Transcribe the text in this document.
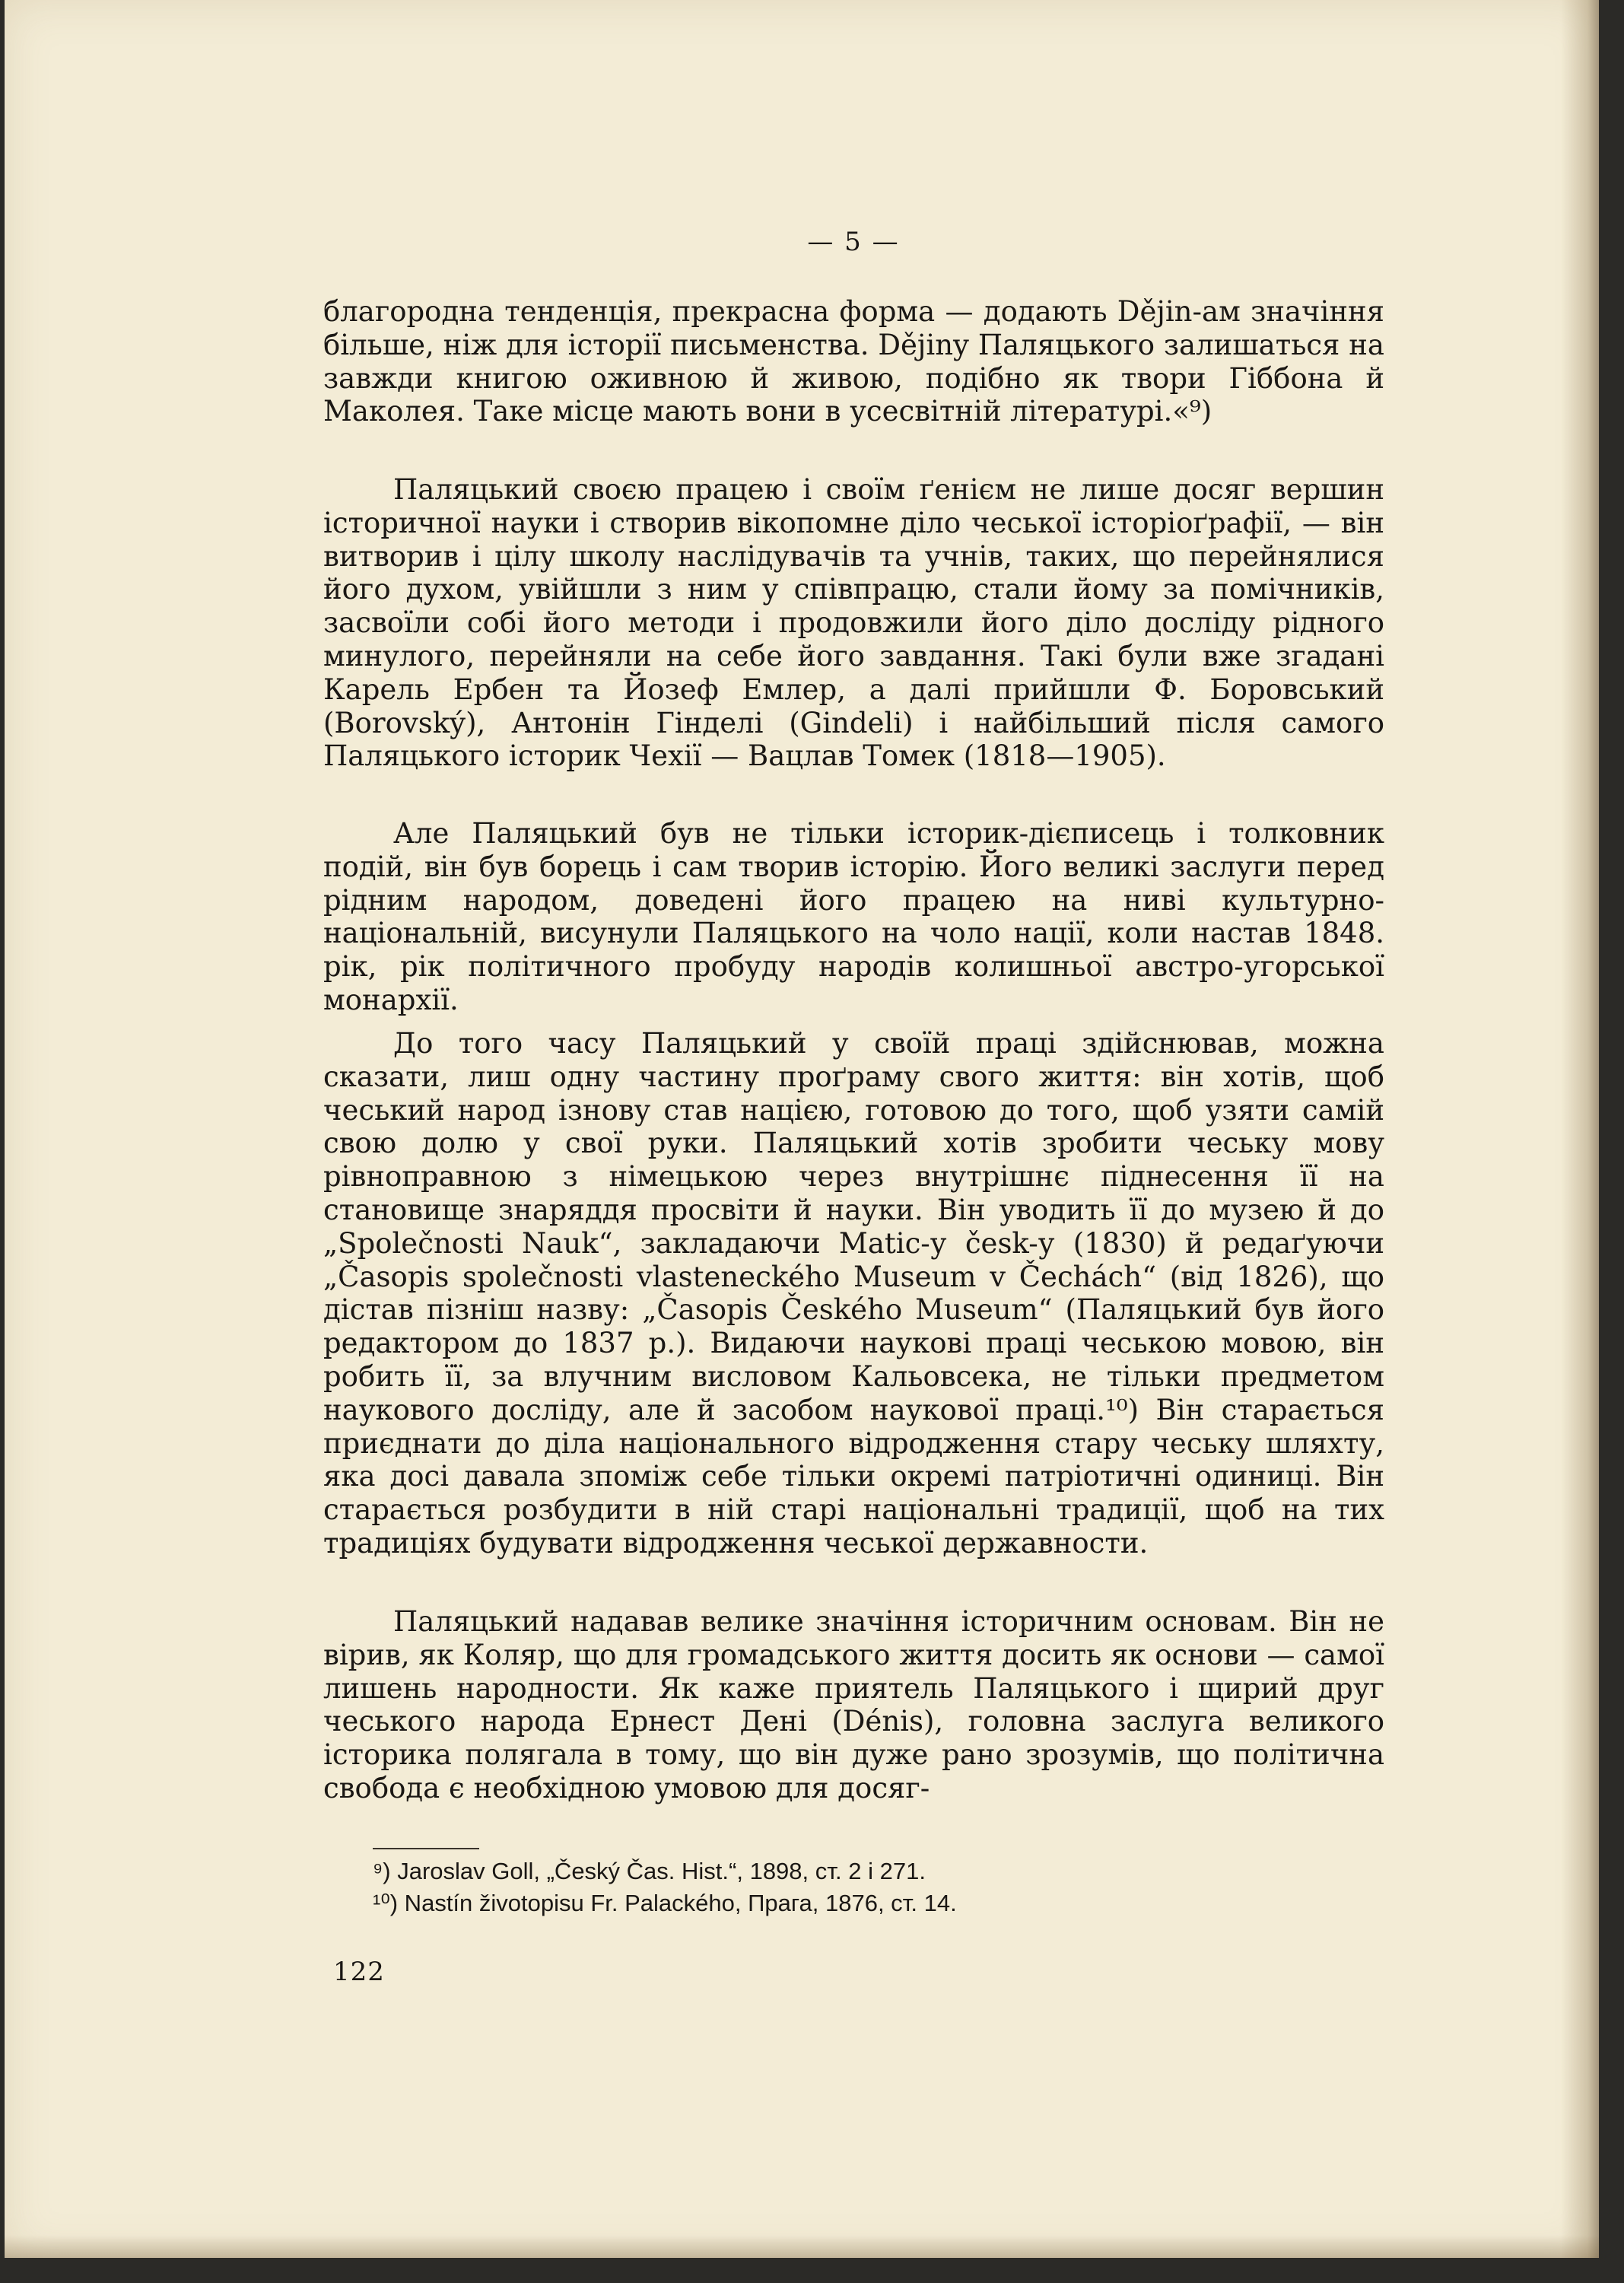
— 5 —

благородна тенденція, прекрасна форма — додають Dějin-ам значіння більше, ніж для історії письменства. Dějiny Паляцького залишаться на завжди книгою оживною й живою, подібно як твори Гіббона й Маколея. Таке місце мають вони в усесвітній літературі.«⁹)

Паляцький своєю працею і своїм ґенієм не лише досяг вершин історичної науки і створив вікопомне діло чеської історіоґрафії, — він витворив і цілу школу наслідувачів та учнів, таких, що перейнялися його духом, увійшли з ним у співпрацю, стали йому за помічників, засвоїли собі його методи і продовжили його діло досліду рідного минулого, перейняли на себе його завдання. Такі були вже згадані Карель Ербен та Йозеф Емлер, а далі прийшли Ф. Боровський (Borovský), Антонін Гінделі (Gindeli) і найбільший після самого Паляцького історик Чехії — Вацлав Томек (1818—1905).

Але Паляцький був не тільки історик-дієписець і толковник подій, він був борець і сам творив історію. Його великі заслуги перед рідним народом, доведені його працею на ниві культурно-національній, висунули Паляцького на чоло нації, коли настав 1848. рік, рік політичного пробуду народів колишньої австро-угорської монархії.

До того часу Паляцький у своїй праці здійснював, можна сказати, лиш одну частину проґраму свого життя: він хотів, щоб чеський народ ізнову став нацією, готовою до того, щоб узяти самій свою долю у свої руки. Паляцький хотів зробити чеську мову рівноправною з німецькою через внутрішнє піднесення її на становище знаряддя просвіти й науки. Він уводить її до музею й до „Společnosti Nauk“, закладаючи Matic-у česk-у (1830) й редаґуючи „Časopis společnosti vlasteneckého Museum v Čechách“ (від 1826), що дістав пізніш назву: „Časopis Českého Museum“ (Паляцький був його редактором до 1837 р.). Видаючи наукові праці чеською мовою, він робить її, за влучним висловом Кальовсека, не тільки предметом наукового досліду, але й засобом наукової праці.¹⁰) Він старається приєднати до діла національного відродження стару чеську шляхту, яка досі давала зпоміж себе тільки окремі патріотичні одиниці. Він старається розбудити в ній старі національні традиції, щоб на тих традиціях будувати відродження чеської державности.

Паляцький надавав велике значіння історичним основам. Він не вірив, як Коляр, що для громадського життя досить як основи — самої лишень народности. Як каже приятель Паляцького і щирий друг чеського народа Ернест Дені (Dénis), головна заслуга великого історика полягала в тому, що він дуже рано зрозумів, що політична свобода є необхідною умовою для досяг-

⁹) Jaroslav Goll, „Český Čas. Hist.“, 1898, ст. 2 і 271.

¹⁰) Nastín životopisu Fr. Palackého, Прага, 1876, ст. 14.

122
